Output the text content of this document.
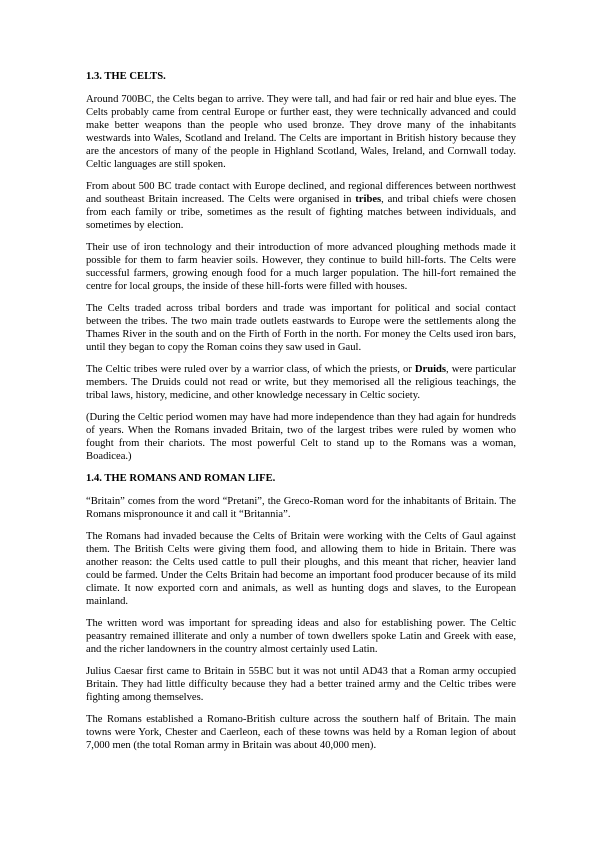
1.3. THE CELTS.

Around 700BC, the Celts began to arrive. They were tall, and had fair or red hair and blue eyes. The Celts probably came from central Europe or further east, they were technically advanced and could make better weapons than the people who used bronze. They drove many of the inhabitants westwards into Wales, Scotland and Ireland. The Celts are important in British history because they are the ancestors of many of the people in Highland Scotland, Wales, Ireland, and Cornwall today. Celtic languages are still spoken.

From about 500 BC trade contact with Europe declined, and regional differences between northwest and southeast Britain increased. The Celts were organised in tribes, and tribal chiefs were chosen from each family or tribe, sometimes as the result of fighting matches between individuals, and sometimes by election.

Their use of iron technology and their introduction of more advanced ploughing methods made it possible for them to farm heavier soils. However, they continue to build hill-forts. The Celts were successful farmers, growing enough food for a much larger population. The hill-fort remained the centre for local groups, the inside of these hill-forts were filled with houses.

The Celts traded across tribal borders and trade was important for political and social contact between the tribes. The two main trade outlets eastwards to Europe were the settlements along the Thames River in the south and on the Firth of Forth in the north. For money the Celts used iron bars, until they began to copy the Roman coins they saw used in Gaul.

The Celtic tribes were ruled over by a warrior class, of which the priests, or Druids, were particular members. The Druids could not read or write, but they memorised all the religious teachings, the tribal laws, history, medicine, and other knowledge necessary in Celtic society.

(During the Celtic period women may have had more independence than they had again for hundreds of years. When the Romans invaded Britain, two of the largest tribes were ruled by women who fought from their chariots. The most powerful Celt to stand up to the Romans was a woman, Boadicea.)

1.4. THE ROMANS AND ROMAN LIFE.

“Britain” comes from the word “Pretani”, the Greco-Roman word for the inhabitants of Britain. The Romans mispronounce it and call it “Britannia”.

The Romans had invaded because the Celts of Britain were working with the Celts of Gaul against them. The British Celts were giving them food, and allowing them to hide in Britain. There was another reason: the Celts used cattle to pull their ploughs, and this meant that richer, heavier land could be farmed. Under the Celts Britain had become an important food producer because of its mild climate. It now exported corn and animals, as well as hunting dogs and slaves, to the European mainland.

The written word was important for spreading ideas and also for establishing power. The Celtic peasantry remained illiterate and only a number of town dwellers spoke Latin and Greek with ease, and the richer landowners in the country almost certainly used Latin.

Julius Caesar first came to Britain in 55BC but it was not until AD43 that a Roman army occupied Britain. They had little difficulty because they had a better trained army and the Celtic tribes were fighting among themselves.

The Romans established a Romano-British culture across the southern half of Britain. The main towns were York, Chester and Caerleon, each of these towns was held by a Roman legion of about 7,000 men (the total Roman army in Britain was about 40,000 men).
